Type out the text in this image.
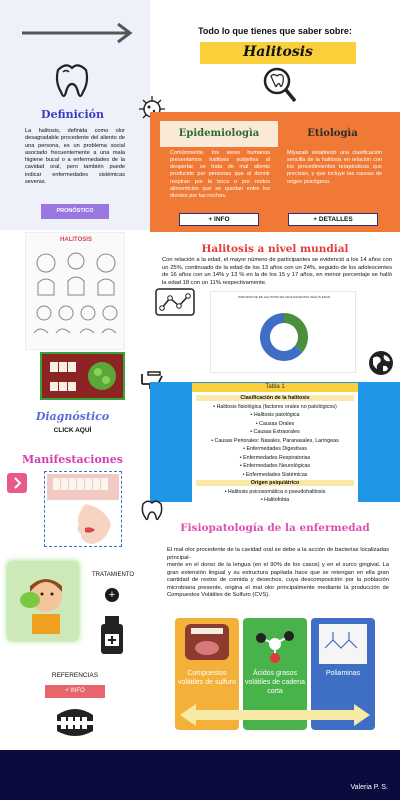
Todo lo que tienes que saber sobre:
Halitosis
Definición
La halitosis, definida como olor desagradable procedente del aliento de una persona, es un problema social asociado frecuentemente a una mala higiene bucal o a enfermedades de la cavidad oral, pero también puede indicar enfermedades sistémicas severas.
PRONÓSTICO
Epidemiologìa
Comúnmente, los seres humanos presentamos halitosis subjetiva al despertar, se trata de mal aliento producido por personas que al dormir respiran por la boca o por restos alimenticios que se quedan entre los dientes por las noches.
+ INFO
Etiologìa
Miyazaki estableció una clasificación sencilla de la halitosis en relación con los procedimientos terapéuticos que precisan, y que incluye las causas de origen psicógeno.
+ DETALLES
HALITOSIS
Diagnóstico
CLICK AQUÌ
Halitosis a nivel mundial
Con relación a la edad, el mayor número de participantes se evidenció a los 14 años con un 25%, continuado de la edad de los 13 años con un 24%, seguido de los adolescentes de 16 años con un 14% y 13 % en la de los 15 y 17 años, en menor porcentaje se halló la edad 18 con un 11% respectivamente.
PORCENTAJE DE HALITOSIS EN ADOLESCENTES SEGÚN EDAD
Tabla 1
Clasificación de la halitosis
• Halitosis fisiológica (factores orales no patológicos)
• Halitosis patológica
• Causas Orales
• Causas Extraorales
• Causas Periorales: Nasales, Paranasales, Laríngeas
• Enfermedades Digestivas
• Enfermedades Respiratorias
• Enfermedades Neurológicas
• Enfermedades Sistémicas
Origen psiquiátrico
• Halitosis psicosomática o pseudohalitosis
• Halitofobia
Manifestaciones
Fisiopatología de la enfermedad
El mal olor procedente de la cavidad oral se debe a la acción de bacterias localizadas principal-
mente en el dorso de la lengua (en el 90% de los casos) y en el surco gingival. La gran extensión lingual y su estructura papilada hace que se retengan en ella gran cantidad de restos de comida y desechos, cuya descomposición por la población microbiana presente, origina el mal olor principalmente mediante la producción de Compuestos Volátiles de Sulfuro (CVS).
Compuestos volátiles de sulfuro
Ácidos grasos volátiles de cadena corta
Poliaminas
TRATAMIENTO
+
REFERENCIAS
+ INFO
Valeria P. S.
